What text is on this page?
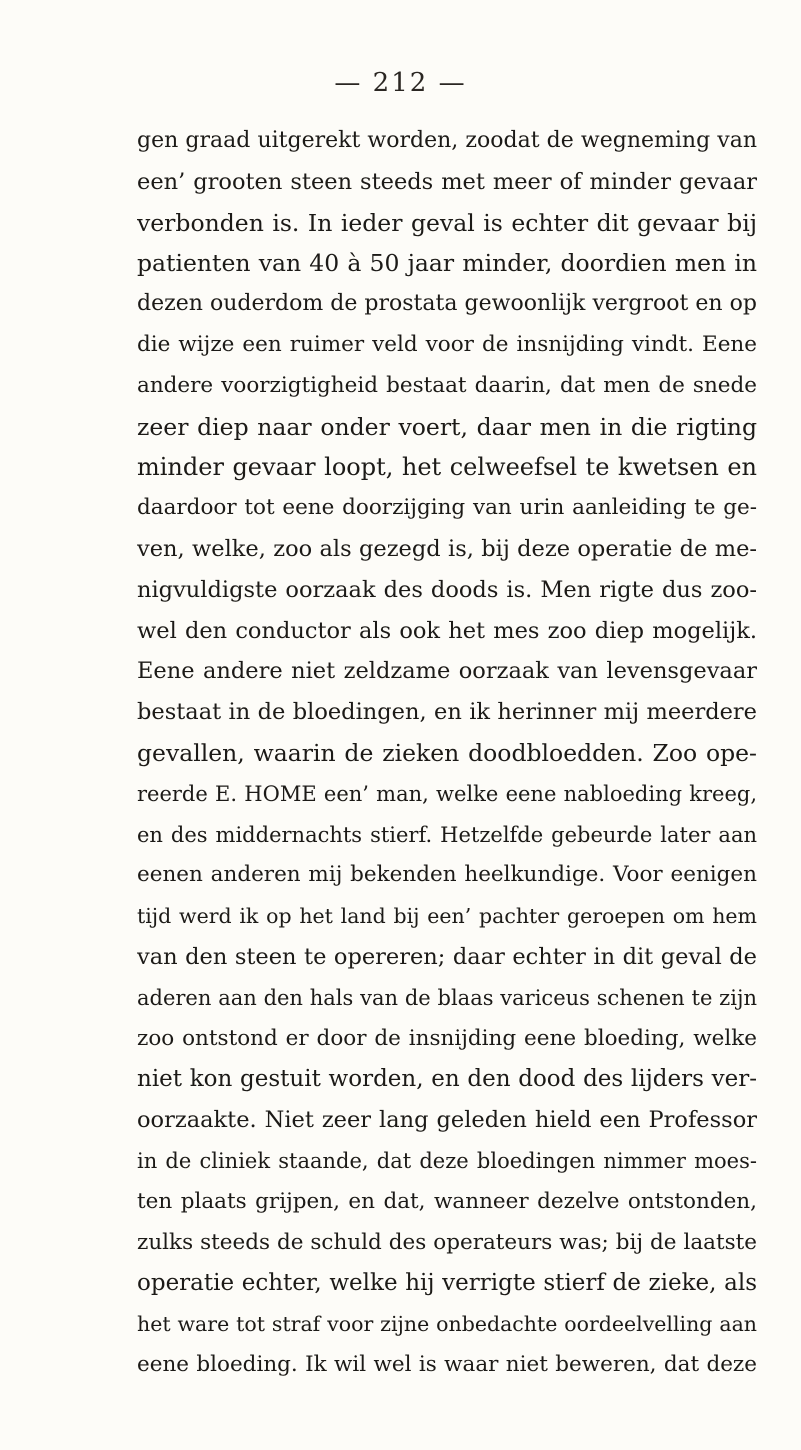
— 212 —
gen graad uitgerekt worden, zoodat de wegneming van
een’ grooten steen steeds met meer of minder gevaar
verbonden is. In ieder geval is echter dit gevaar bij
patienten van 40 à 50 jaar minder, doordien men in
dezen ouderdom de prostata gewoonlijk vergroot en op
die wijze een ruimer veld voor de insnijding vindt. Eene
andere voorzigtigheid bestaat daarin, dat men de snede
zeer diep naar onder voert, daar men in die rigting
minder gevaar loopt, het celweefsel te kwetsen en
daardoor tot eene doorzijging van urin aanleiding te ge-
ven, welke, zoo als gezegd is, bij deze operatie de me-
nigvuldigste oorzaak des doods is. Men rigte dus zoo-
wel den conductor als ook het mes zoo diep mogelijk.
Eene andere niet zeldzame oorzaak van levensgevaar
bestaat in de bloedingen, en ik herinner mij meerdere
gevallen, waarin de zieken doodbloedden. Zoo ope-
reerde E. HOME een’ man, welke eene nabloeding kreeg,
en des middernachts stierf. Hetzelfde gebeurde later aan
eenen anderen mij bekenden heelkundige. Voor eenigen
tijd werd ik op het land bij een’ pachter geroepen om hem
van den steen te opereren; daar echter in dit geval de
aderen aan den hals van de blaas variceus schenen te zijn
zoo ontstond er door de insnijding eene bloeding, welke
niet kon gestuit worden, en den dood des lijders ver-
oorzaakte. Niet zeer lang geleden hield een Professor
in de cliniek staande, dat deze bloedingen nimmer moes-
ten plaats grijpen, en dat, wanneer dezelve ontstonden,
zulks steeds de schuld des operateurs was; bij de laatste
operatie echter, welke hij verrigte stierf de zieke, als
het ware tot straf voor zijne onbedachte oordeelvelling aan
eene bloeding. Ik wil wel is waar niet beweren, dat deze
